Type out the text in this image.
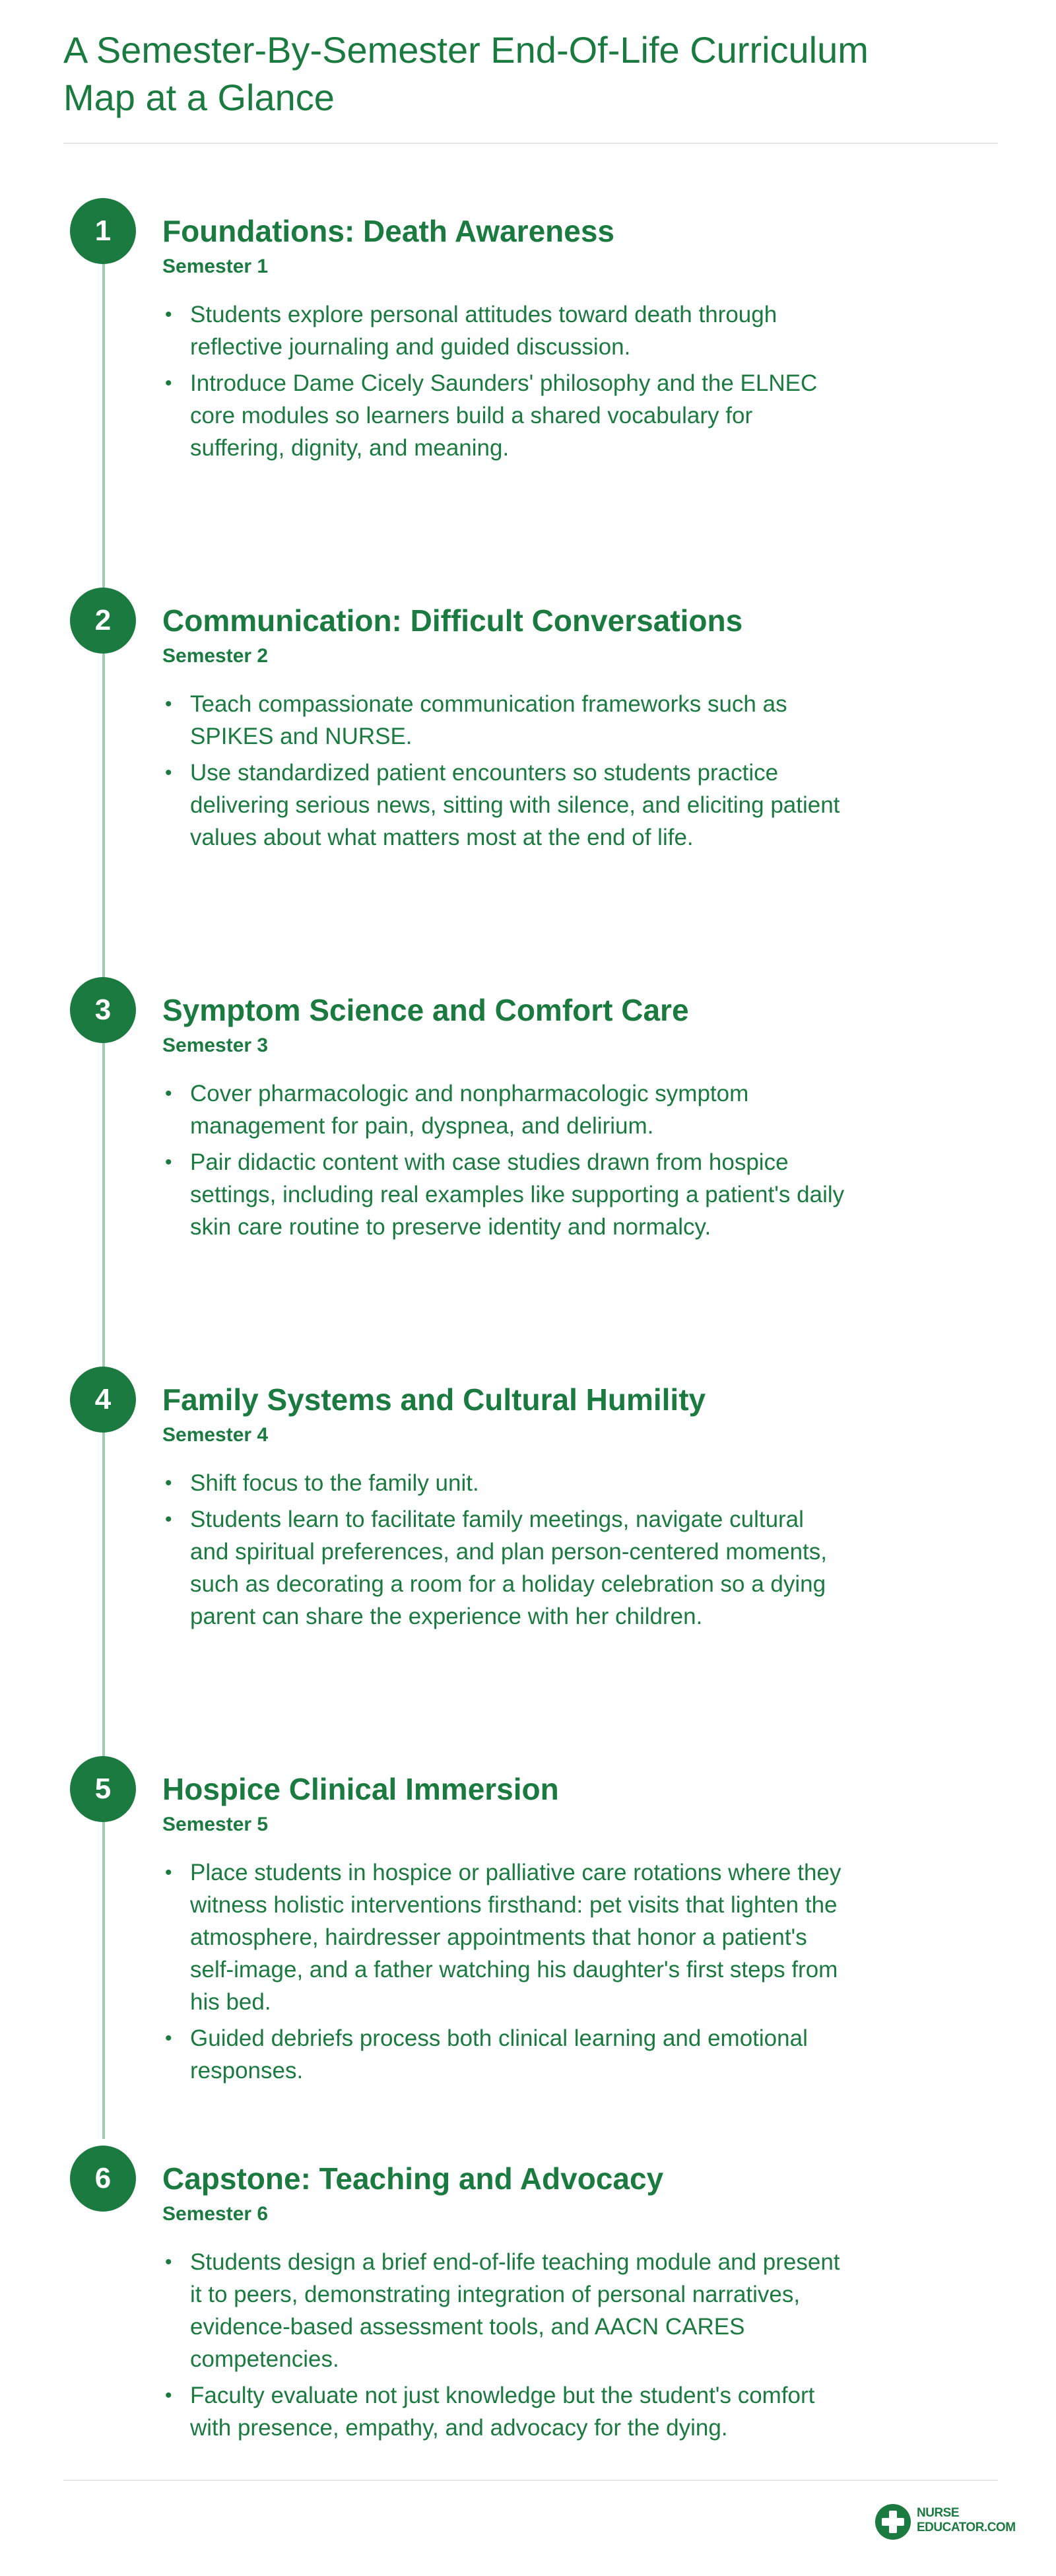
A Semester-By-Semester End-Of-Life Curriculum Map at a Glance
1	Foundations: Death Awareness
Semester 1
• Students explore personal attitudes toward death through reflective journaling and guided discussion.
• Introduce Dame Cicely Saunders' philosophy and the ELNEC core modules so learners build a shared vocabulary for suffering, dignity, and meaning.
2	Communication: Difficult Conversations
Semester 2
• Teach compassionate communication frameworks such as SPIKES and NURSE.
• Use standardized patient encounters so students practice delivering serious news, sitting with silence, and eliciting patient values about what matters most at the end of life.
3	Symptom Science and Comfort Care
Semester 3
• Cover pharmacologic and nonpharmacologic symptom management for pain, dyspnea, and delirium.
• Pair didactic content with case studies drawn from hospice settings, including real examples like supporting a patient's daily skin care routine to preserve identity and normalcy.
4	Family Systems and Cultural Humility
Semester 4
• Shift focus to the family unit.
• Students learn to facilitate family meetings, navigate cultural and spiritual preferences, and plan person-centered moments, such as decorating a room for a holiday celebration so a dying parent can share the experience with her children.
5	Hospice Clinical Immersion
Semester 5
• Place students in hospice or palliative care rotations where they witness holistic interventions firsthand: pet visits that lighten the atmosphere, hairdresser appointments that honor a patient's self-image, and a father watching his daughter's first steps from his bed.
• Guided debriefs process both clinical learning and emotional responses.
6	Capstone: Teaching and Advocacy
Semester 6
• Students design a brief end-of-life teaching module and present it to peers, demonstrating integration of personal narratives, evidence-based assessment tools, and AACN CARES competencies.
• Faculty evaluate not just knowledge but the student's comfort with presence, empathy, and advocacy for the dying.
NURSE
EDUCATOR.COM
